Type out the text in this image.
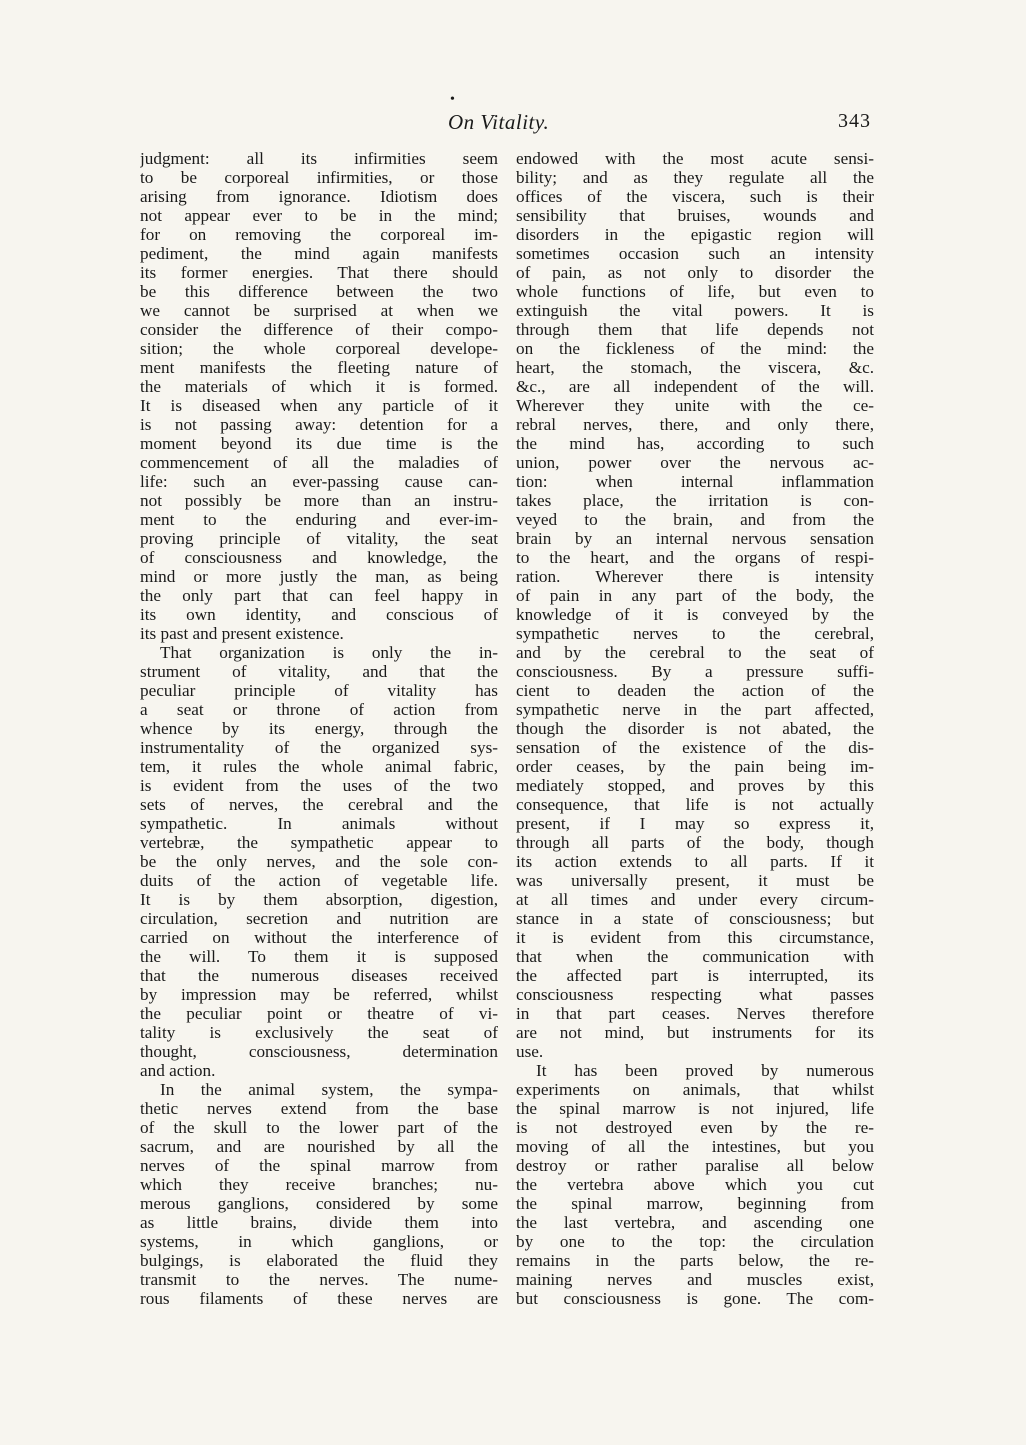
•
On Vitality.	343
judgment: all its infirmities seem
to be corporeal infirmities, or those
arising from ignorance. Idiotism does
not appear ever to be in the mind;
for on removing the corporeal im-
pediment, the mind again manifests
its former energies. That there should
be this difference between the two
we cannot be surprised at when we
consider the difference of their compo-
sition; the whole corporeal develope-
ment manifests the fleeting nature of
the materials of which it is formed.
It is diseased when any particle of it
is not passing away: detention for a
moment beyond its due time is the
commencement of all the maladies of
life: such an ever-passing cause can-
not possibly be more than an instru-
ment to the enduring and ever-im-
proving principle of vitality, the seat
of consciousness and knowledge, the
mind or more justly the man, as being
the only part that can feel happy in
its own identity, and conscious of
its past and present existence.
That organization is only the in-
strument of vitality, and that the
peculiar principle of vitality has
a seat or throne of action from
whence by its energy, through the
instrumentality of the organized sys-
tem, it rules the whole animal fabric,
is evident from the uses of the two
sets of nerves, the cerebral and the
sympathetic. In animals without
vertebræ, the sympathetic appear to
be the only nerves, and the sole con-
duits of the action of vegetable life.
It is by them absorption, digestion,
circulation, secretion and nutrition are
carried on without the interference of
the will. To them it is supposed
that the numerous diseases received
by impression may be referred, whilst
the peculiar point or theatre of vi-
tality is exclusively the seat of
thought, consciousness, determination
and action.
In the animal system, the sympa-
thetic nerves extend from the base
of the skull to the lower part of the
sacrum, and are nourished by all the
nerves of the spinal marrow from
which they receive branches; nu-
merous ganglions, considered by some
as little brains, divide them into
systems, in which ganglions, or
bulgings, is elaborated the fluid they
transmit to the nerves. The nume-
rous filaments of these nerves are
endowed with the most acute sensi-
bility; and as they regulate all the
offices of the viscera, such is their
sensibility that bruises, wounds and
disorders in the epigastic region will
sometimes occasion such an intensity
of pain, as not only to disorder the
whole functions of life, but even to
extinguish the vital powers. It is
through them that life depends not
on the fickleness of the mind: the
heart, the stomach, the viscera, &c.
&c., are all independent of the will.
Wherever they unite with the ce-
rebral nerves, there, and only there,
the mind has, according to such
union, power over the nervous ac-
tion: when internal inflammation
takes place, the irritation is con-
veyed to the brain, and from the
brain by an internal nervous sensation
to the heart, and the organs of respi-
ration. Wherever there is intensity
of pain in any part of the body, the
knowledge of it is conveyed by the
sympathetic nerves to the cerebral,
and by the cerebral to the seat of
consciousness. By a pressure suffi-
cient to deaden the action of the
sympathetic nerve in the part affected,
though the disorder is not abated, the
sensation of the existence of the dis-
order ceases, by the pain being im-
mediately stopped, and proves by this
consequence, that life is not actually
present, if I may so express it,
through all parts of the body, though
its action extends to all parts. If it
was universally present, it must be
at all times and under every circum-
stance in a state of consciousness; but
it is evident from this circumstance,
that when the communication with
the affected part is interrupted, its
consciousness respecting what passes
in that part ceases. Nerves therefore
are not mind, but instruments for its
use.
It has been proved by numerous
experiments on animals, that whilst
the spinal marrow is not injured, life
is not destroyed even by the re-
moving of all the intestines, but you
destroy or rather paralise all below
the vertebra above which you cut
the spinal marrow, beginning from
the last vertebra, and ascending one
by one to the top: the circulation
remains in the parts below, the re-
maining nerves and muscles exist,
but consciousness is gone. The com-
